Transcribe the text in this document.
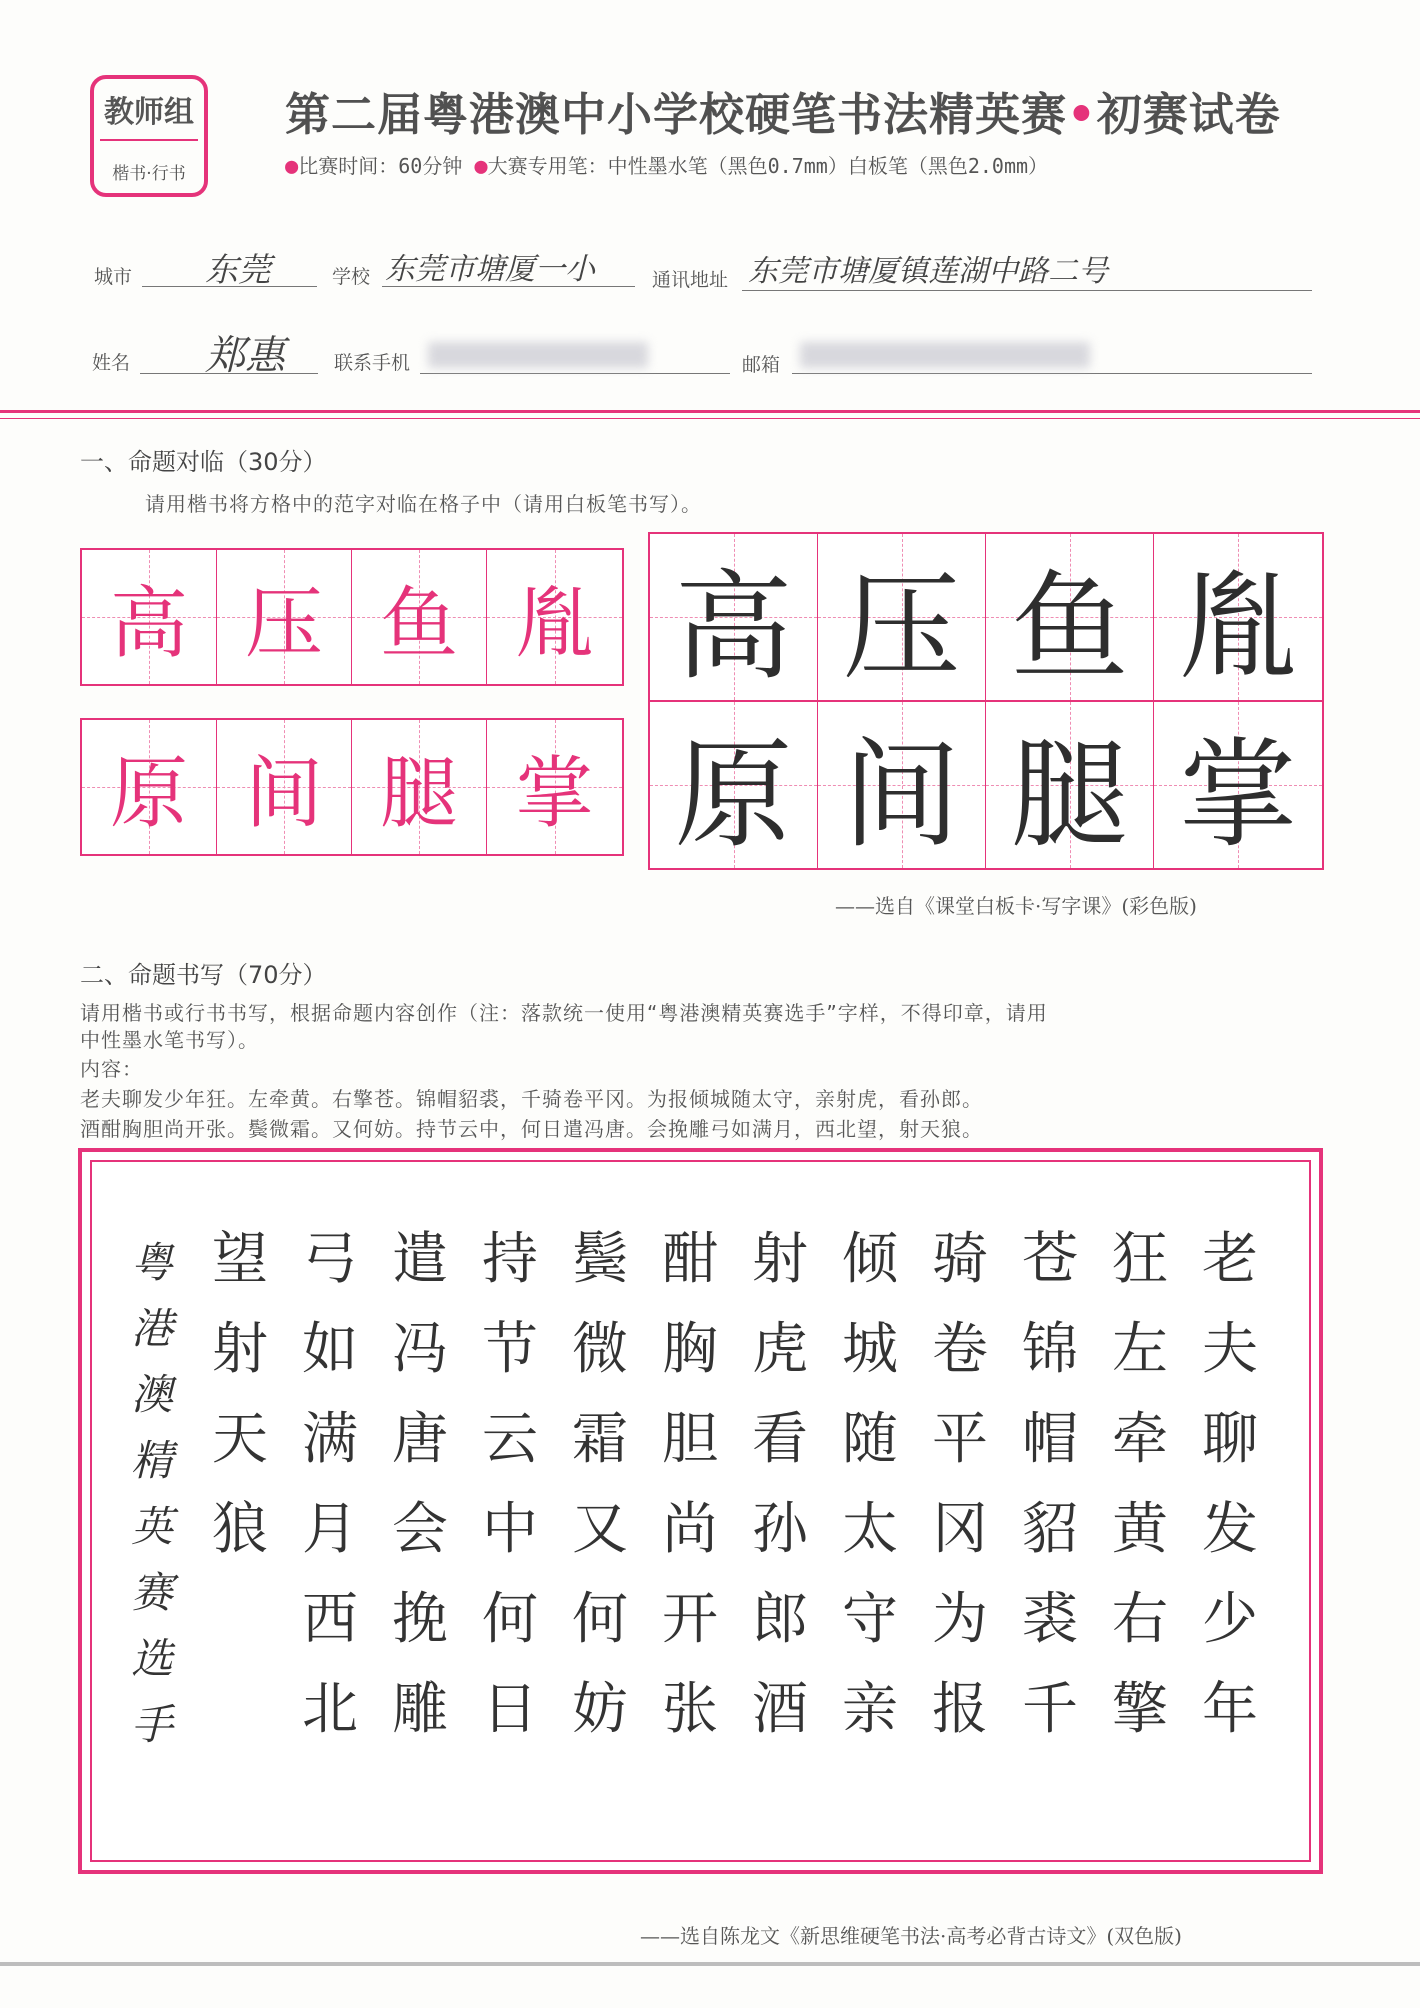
教师组
楷书·行书
第二届粤港澳中小学校硬笔书法精英赛•初赛试卷
●比赛时间：60分钟 ●大赛专用笔：中性墨水笔（黑色0.7mm）白板笔（黑色2.0mm）
城市 东莞	学校 东莞市塘厦一小	通讯地址 东莞市塘厦镇莲湖中路二号
姓名 郑惠	联系手机	邮箱
一、命题对临（30分）
请用楷书将方格中的范字对临在格子中（请用白板笔书写）。
高 压 鱼 胤
原 间 腿 掌
高 压 鱼 胤
原 间 腿 掌
——选自《课堂白板卡·写字课》(彩色版)
二、命题书写（70分）
请用楷书或行书书写，根据命题内容创作（注：落款统一使用“粤港澳精英赛选手”字样，不得印章，请用
中性墨水笔书写）。
内容：
老夫聊发少年狂。左牵黄。右擎苍。锦帽貂裘，千骑卷平冈。为报倾城随太守，亲射虎，看孙郎。
酒酣胸胆尚开张。鬓微霜。又何妨。持节云中，何日遣冯唐。会挽雕弓如满月，西北望，射天狼。
老
夫
聊
发
少
年
狂
左
牵
黄
右
擎
苍
锦
帽
貂
裘
千
骑
卷
平
冈
为
报
倾
城
随
太
守
亲
射
虎
看
孙
郎
酒
酣
胸
胆
尚
开
张
鬓
微
霜
又
何
妨
持
节
云
中
何
日
遣
冯
唐
会
挽
雕
弓
如
满
月
西
北
望
射
天
狼
粤
港
澳
精
英
赛
选
手
——选自陈龙文《新思维硬笔书法·高考必背古诗文》(双色版)
